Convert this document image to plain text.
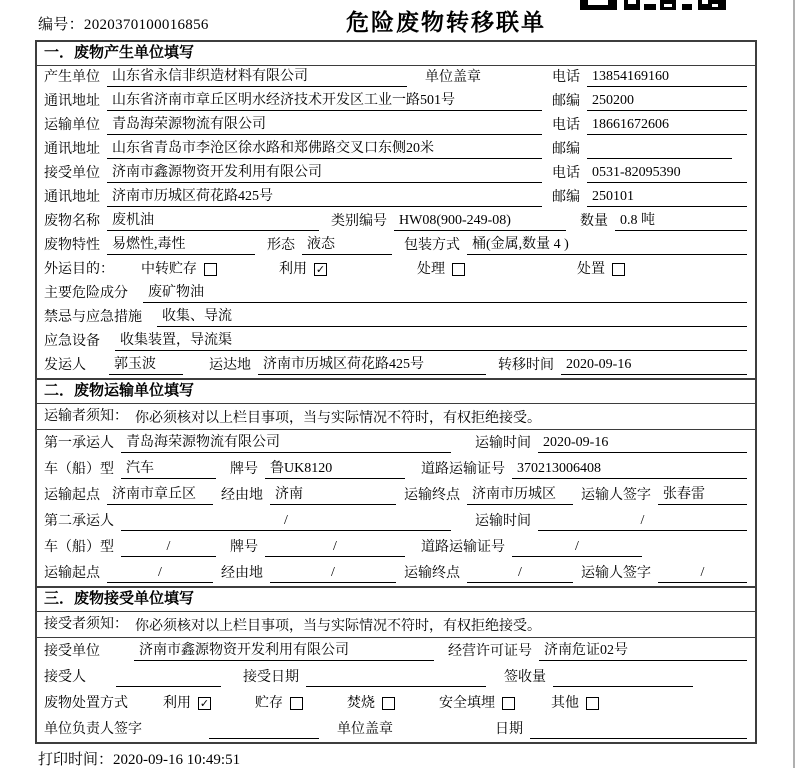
编号：2020370100016856	危险废物转移联单
一．废物产生单位填写
产生单位 山东省永信非织造材料有限公司	单位盖章	电话 13854169160
通讯地址 山东省济南市章丘区明水经济技术开发区工业一路501号	邮编 250200
运输单位 青岛海荣源物流有限公司	电话 18661672606
通讯地址 山东省青岛市李沧区徐水路和郑佛路交叉口东侧20米	邮编
接受单位 济南市鑫源物资开发利用有限公司	电话 0531-82095390
通讯地址 济南市历城区荷花路425号	邮编 250101
废物名称 废机油	类别编号 HW08(900-249-08)	数量 0.8 吨
废物特性 易燃性,毒性	形态 液态	包装方式 桶(金属,数量 4 )
外运目的：	中转贮存	利用 ✓	处理	处置
主要危险成分	废矿物油
禁忌与应急措施	收集、导流
应急设备	收集装置，导流渠
发运人	郭玉波	运达地 济南市历城区荷花路425号	转移时间 2020-09-16
二．废物运输单位填写
运输者须知： 你必须核对以上栏目事项，当与实际情况不符时，有权拒绝接受。
第一承运人 青岛海荣源物流有限公司	运输时间 2020-09-16
车（船）型 汽车	牌号 鲁UK8120	道路运输证号 370213006408
运输起点 济南市章丘区	经由地 济南	运输终点 济南市历城区	运输人签字 张春雷
第二承运人	/	运输时间	/
车（船）型	/	牌号	/	道路运输证号	/
运输起点	/	经由地	/	运输终点	/	运输人签字	/
三．废物接受单位填写
接受者须知： 你必须核对以上栏目事项，当与实际情况不符时，有权拒绝接受。
接受单位	济南市鑫源物资开发利用有限公司	经营许可证号 济南危证02号
接受人	接受日期	签收量
废物处置方式	利用 ✓	贮存	焚烧	安全填埋	其他
单位负责人签字	单位盖章	日期
打印时间：2020-09-16 10:49:51
